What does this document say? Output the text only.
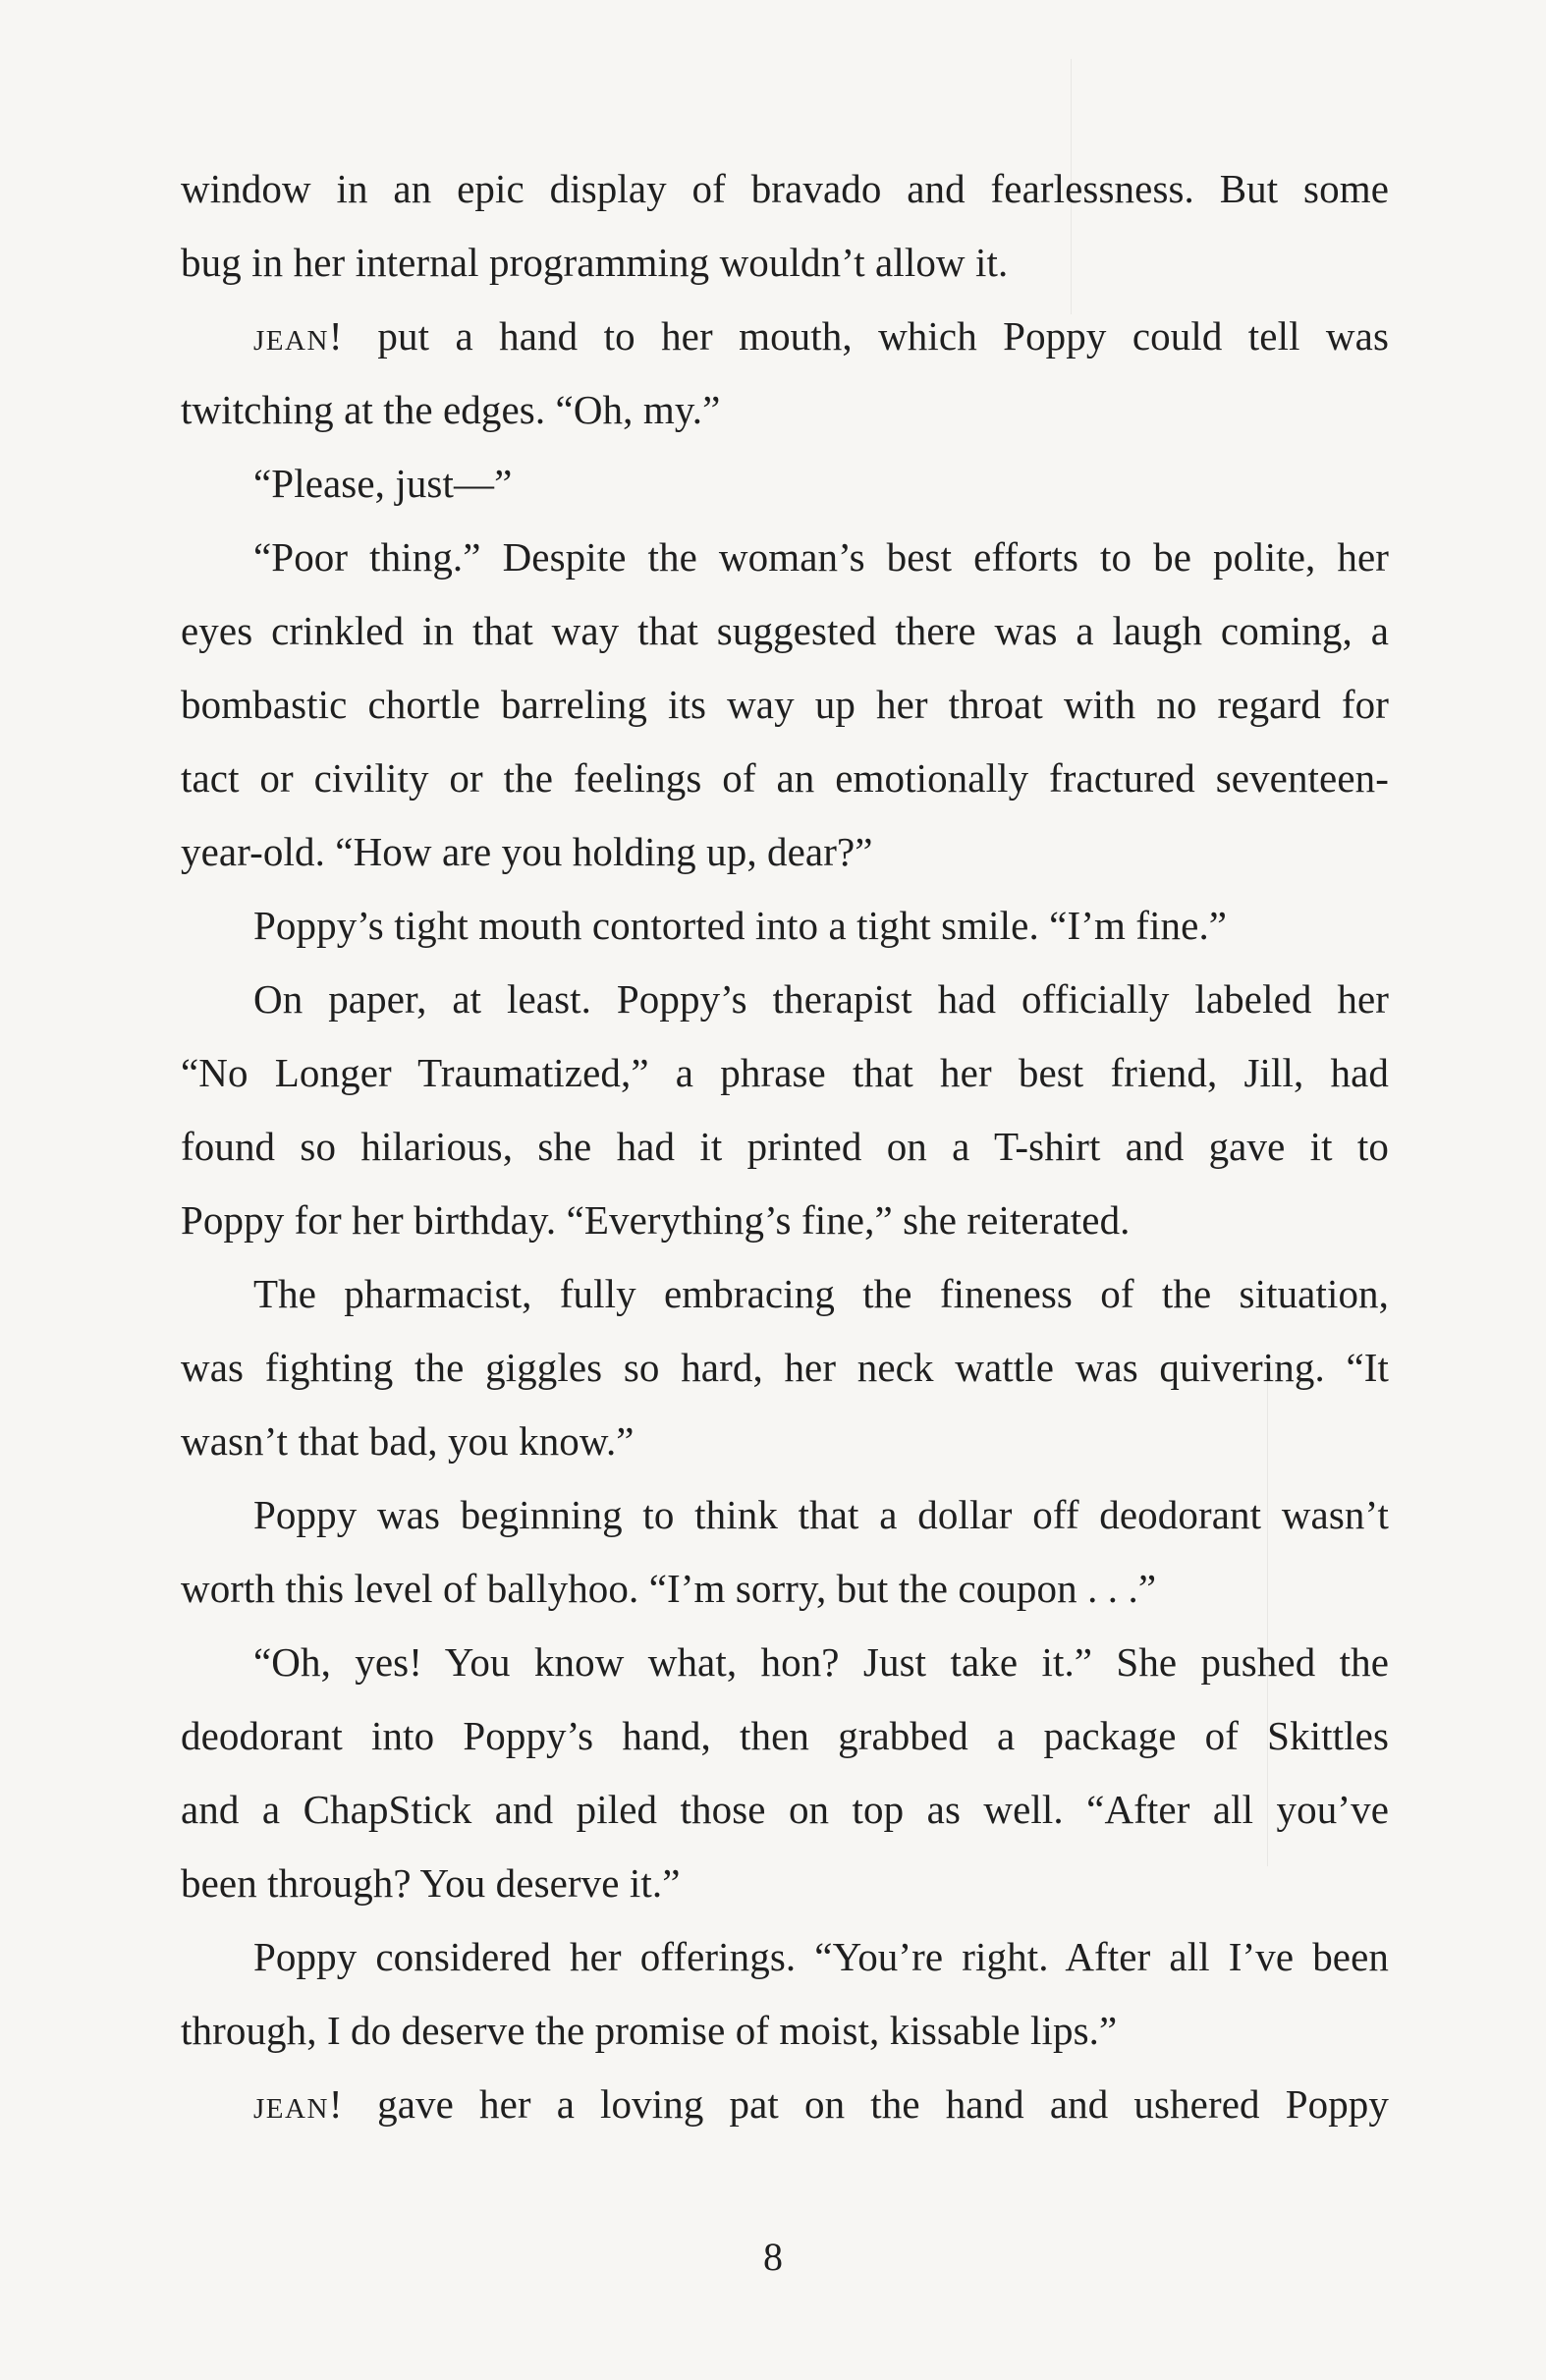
window in an epic display of bravado and fearlessness. But some
bug in her internal programming wouldn’t allow it.
jean! put a hand to her mouth, which Poppy could tell was
twitching at the edges. “Oh, my.”
“Please, just—”
“Poor thing.” Despite the woman’s best efforts to be polite, her
eyes crinkled in that way that suggested there was a laugh coming, a
bombastic chortle barreling its way up her throat with no regard for
tact or civility or the feelings of an emotionally fractured seventeen-
year-old. “How are you holding up, dear?”
Poppy’s tight mouth contorted into a tight smile. “I’m fine.”
On paper, at least. Poppy’s therapist had officially labeled her
“No Longer Traumatized,” a phrase that her best friend, Jill, had
found so hilarious, she had it printed on a T-shirt and gave it to
Poppy for her birthday. “Everything’s fine,” she reiterated.
The pharmacist, fully embracing the fineness of the situation,
was fighting the giggles so hard, her neck wattle was quivering. “It
wasn’t that bad, you know.”
Poppy was beginning to think that a dollar off deodorant wasn’t
worth this level of ballyhoo. “I’m sorry, but the coupon . . .”
“Oh, yes! You know what, hon? Just take it.” She pushed the
deodorant into Poppy’s hand, then grabbed a package of Skittles
and a ChapStick and piled those on top as well. “After all you’ve
been through? You deserve it.”
Poppy considered her offerings. “You’re right. After all I’ve been
through, I do deserve the promise of moist, kissable lips.”
jean! gave her a loving pat on the hand and ushered Poppy
8
